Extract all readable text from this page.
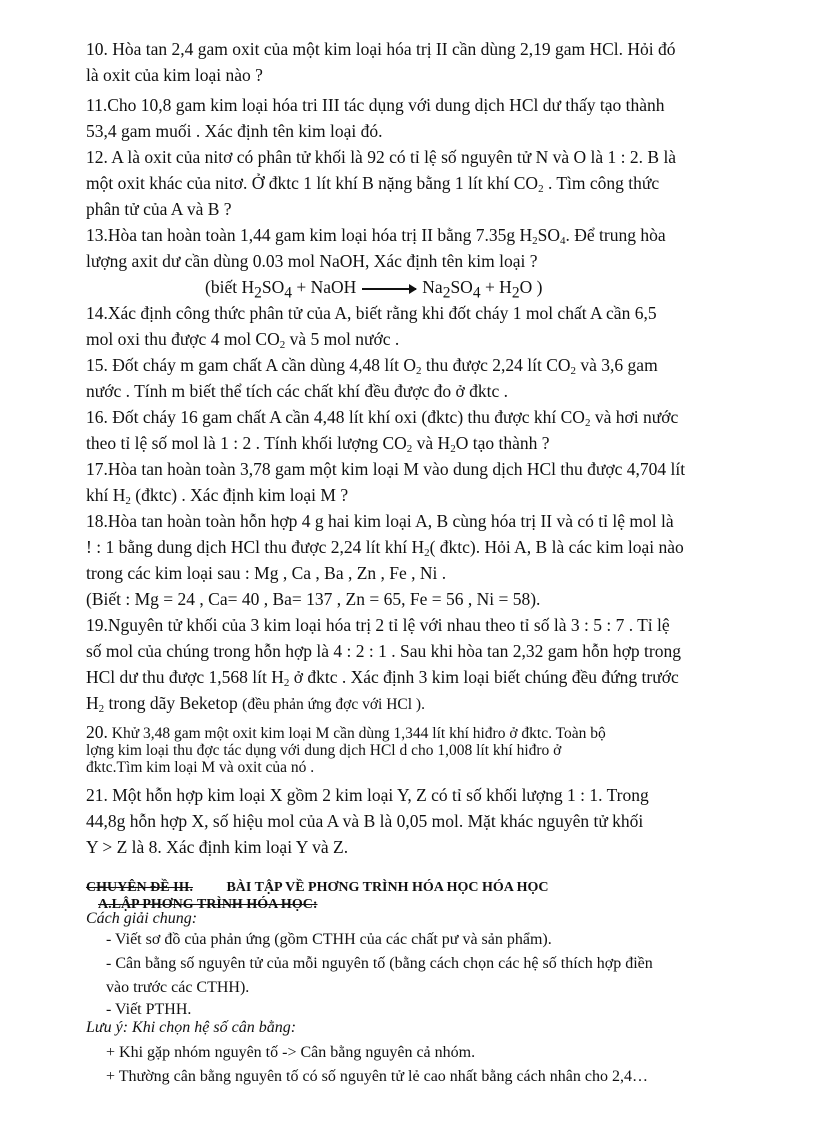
10. Hòa tan 2,4 gam oxit của một kim loại hóa trị II cần dùng 2,19 gam HCl. Hỏi đó
là oxit của kim loại nào ?

11.Cho 10,8 gam kim loại hóa tri III tác dụng với dung dịch HCl dư thấy tạo thành
53,4 gam muối . Xác định tên kim loại đó.

12. A là oxit của nitơ có phân tử khối là 92 có tỉ lệ số nguyên tử N và O là 1 : 2. B là
một oxit khác của nitơ. Ở đktc 1 lít khí B nặng bằng 1 lít khí $CO_2$ . Tìm công thức
phân tử của A và B ?

13.Hòa tan hoàn toàn 1,44 gam kim loại hóa trị II bằng 7.35g $H_2SO_4$. Để trung hòa
lượng axit dư cần dùng 0.03 mol NaOH, Xác định tên kim loại ?

(biết $H_2SO_4$ + NaOH → $Na_2SO_4 + H_2O$ )

14.Xác định công thức phân tử của A, biết rằng khi đốt cháy 1 mol chất A cần 6,5
mol oxi thu được 4 mol $CO_2$ và 5 mol nước .

15. Đốt cháy m gam chất A cần dùng 4,48 lít $O_2$ thu được 2,24 lít $CO_2$ và 3,6 gam
nước . Tính m biết thể tích các chất khí đều được đo ở đktc .

16. Đốt cháy 16 gam chất A cần 4,48 lít khí oxi (đktc) thu được khí $CO_2$ và hơi nước
theo tỉ lệ số mol là 1 : 2 . Tính khối lượng $CO_2$ và $H_2O$ tạo thành ?

17.Hòa tan hoàn toàn 3,78 gam một kim loại M vào dung dịch HCl thu được 4,704 lít
khí $H_2$ (đktc) . Xác định kim loại M ?

18.Hòa tan hoàn toàn hỗn hợp 4 g hai kim loại A, B cùng hóa trị II và có tỉ lệ mol là
! : 1 bằng dung dịch HCl thu được 2,24 lít khí $H_2$( đktc). Hỏi A, B là các kim loại nào
trong các kim loại sau : Mg , Ca , Ba , Zn , Fe , Ni .
(Biết : Mg = 24 , Ca= 40 , Ba= 137 , Zn = 65, Fe = 56 , Ni = 58).

19.Nguyên tử khối của 3 kim loại hóa trị 2 tỉ lệ với nhau theo tỉ số là 3 : 5 : 7 . Tỉ lệ
số mol của chúng trong hỗn hợp là 4 : 2 : 1 . Sau khi hòa tan 2,32 gam hỗn hợp trong
HCl dư thu được 1,568 lít $H_2$ ở đktc . Xác định 3 kim loại biết chúng đều đứng trước
$H_2$ trong dãy Beketop (đều phản ứng đợc với HCl ).

20. Khử 3,48 gam một oxit kim loại M cần dùng 1,344 lít khí hiđro ở đktc. Toàn bộ
lợng kim loại thu đợc tác dụng với dung dịch HCl d cho 1,008 lít khí hiđro ở
đktc.Tìm kim loại M và oxit của nó .

21. Một hỗn hợp kim loại X gồm 2 kim loại Y, Z có tỉ số khối lượng 1 : 1. Trong
44,8g hỗn hợp X, số hiệu mol của A và B là 0,05 mol. Mặt khác nguyên tử khối
Y > Z là 8. Xác định kim loại Y và Z.

CHUYÊN ĐỀ III. BÀI TẬP VỀ PHƠNG TRÌNH HÓA HỌC HÓA HỌC
A.LẬP PHƠNG TRÌNH HÓA HỌC:
Cách giải chung:
- Viết sơ đồ của phản ứng (gồm CTHH của các chất pư và sản phẩm).
- Cân bằng số nguyên tử của mỗi nguyên tố (bằng cách chọn các hệ số thích hợp điền
vào trước các CTHH).
- Viết PTHH.
Lưu ý: Khi chọn hệ số cân bằng:
+ Khi gặp nhóm nguyên tố -> Cân bằng nguyên cả nhóm.
+ Thường cân bằng nguyên tố có số nguyên tử lẻ cao nhất bằng cách nhân cho 2,4…
